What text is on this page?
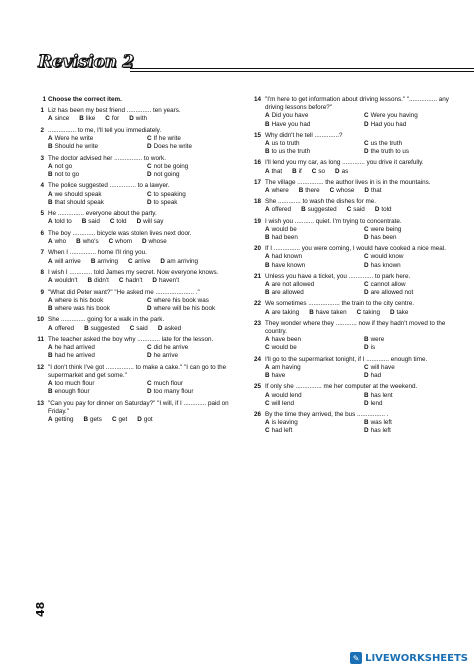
Revision 2
1 Choose the correct item.
1 Liz has been my best friend .............. ten years.
A since B like C for D with
2 ................ to me, I'll tell you immediately.
A Were he write	C If he write
B Should he write	D Does he write
3 The doctor advised her ................ to work.
A not go	C not be going
B not to go	D not going
4 The police suggested ............... to a lawyer.
A we should speak	C to speaking
B that should speak	D to speak
5 He ............... everyone about the party.
A told to B said C told D will say
6 The boy ............. bicycle was stolen lives next door.
A who B who's C whom D whose
7 When I ............... home I'll ring you.
A will arrive B arriving C arrive D am arriving
8 I wish I ............. told James my secret. Now everyone knows.
A wouldn't B didn't C hadn't D haven't
9 "What did Peter want?" "He asked me ...................... ."
A where is his book	C where his book was
B where was his book	D where will be his book
10 She .............. going for a walk in the park.
A offered B suggested C said D asked
11 The teacher asked the boy why ............. late for the lesson.
A he had arrived	C did he arrive
B had he arrived	D he arrive
12 "I don't think I've got ................ to make a cake." "I can go to the supermarket and get some."
A too much flour	C much flour
B enough flour	D too many flour
13 "Can you pay for dinner on Saturday?" "I will, if I ............. paid on Friday."
A getting B gets C get D got
14 "I'm here to get information about driving lessons." "................ any driving lessons before?"
A Did you have	C Were you having
B Have you had	D Had you had
15 Why didn't he tell ..............?
A us to truth	C us the truth
B to us the truth	D the truth to us
16 I'll lend you my car, as long ............. you drive it carefully.
A that B if C so D as
17 The village ............... the author lives in is in the mountains.
A where B there C whose D that
18 She ............. to wash the dishes for me.
A offered B suggested C said D told
19 I wish you ........... quiet. I'm trying to concentrate.
A would be	C were being
B had been	D has been
20 If I ............... you were coming, I would have cooked a nice meal.
A had known	C would know
B have known	D has known
21 Unless you have a ticket, you .............. to park here.
A are not allowed	C cannot allow
B are allowed	D are allowed not
22 We sometimes .................. the train to the city centre.
A are taking B have taken C taking D take
23 They wonder where they ............ now if they hadn't moved to the country.
A have been	B were
C would be	D is
24 I'll go to the supermarket tonight, if I ............. enough time.
A am having	C will have
B have	D had
25 If only she ............... me her computer at the weekend.
A would lend	B has lent
C will lend	D lend
26 By the time they arrived, the bus ................ .
A is leaving	B was left
C had left	D has left
48
✎ LIVEWORKSHEETS
